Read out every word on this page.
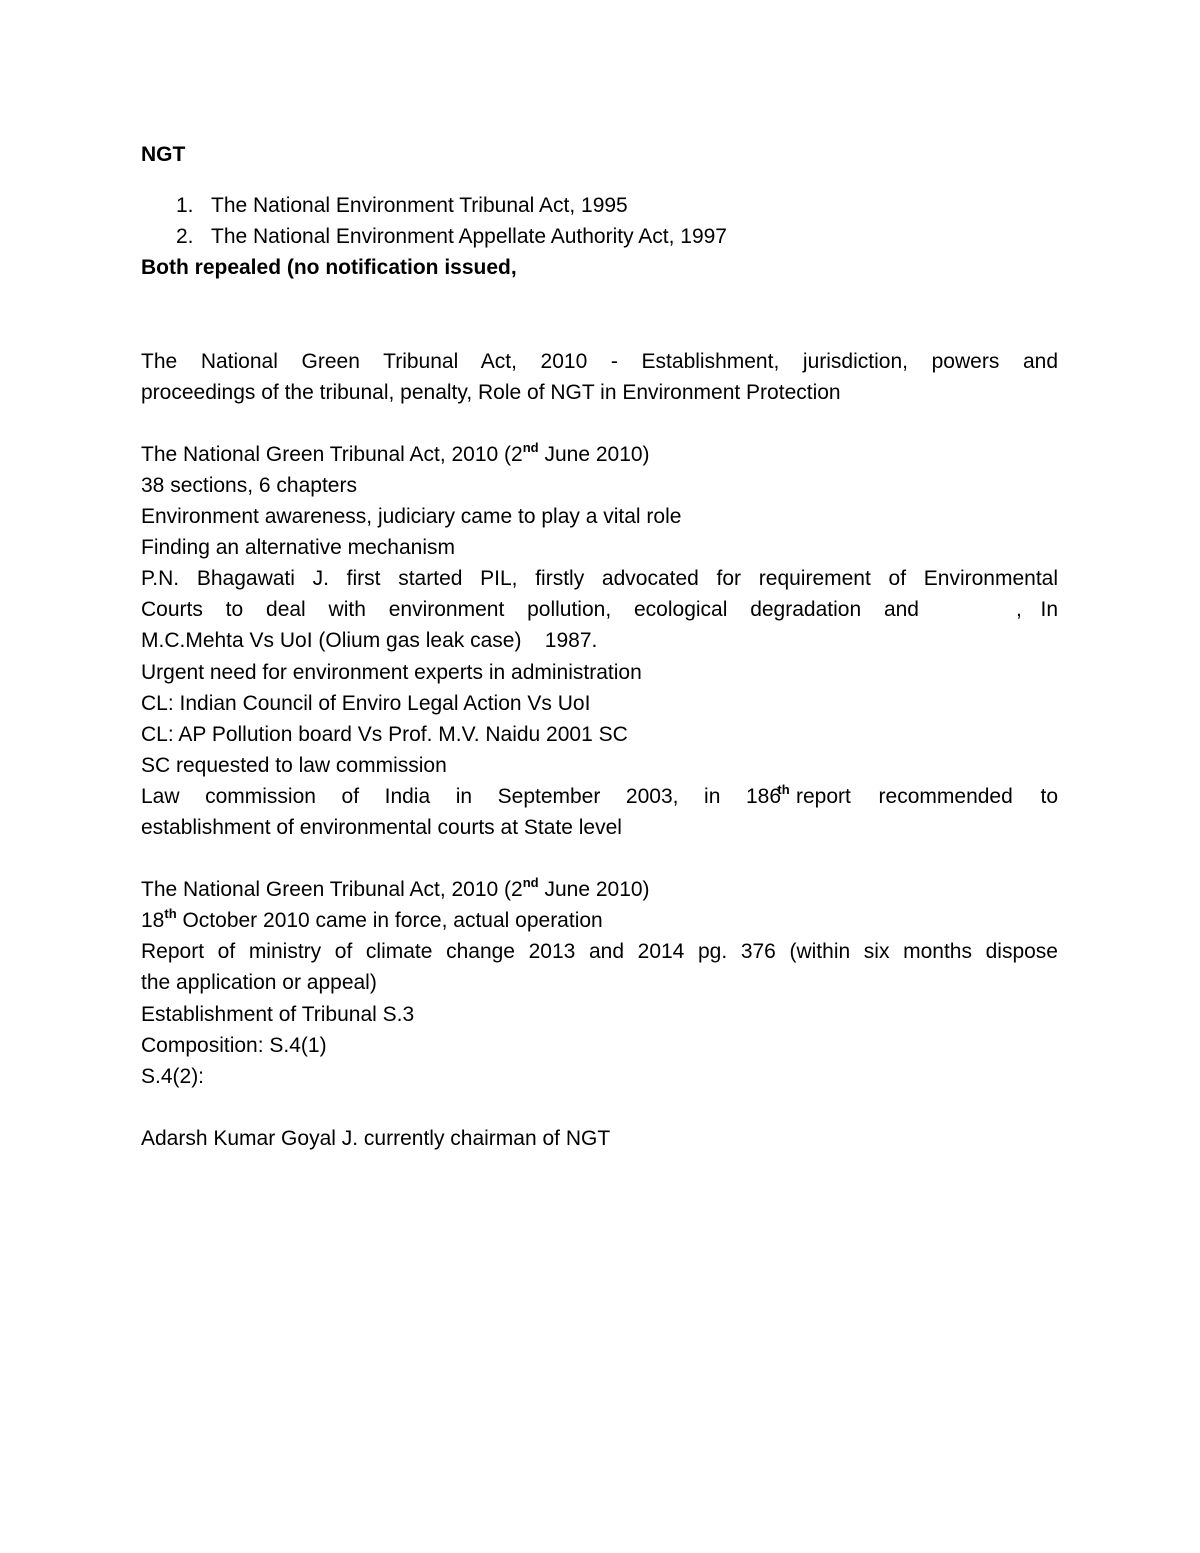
NGT
1. The National Environment Tribunal Act, 1995
2. The National Environment Appellate Authority Act, 1997
Both repealed (no notification issued,
The National Green Tribunal Act, 2010 - Establishment, jurisdiction, powers and
proceedings of the tribunal, penalty, Role of NGT in Environment Protection
The National Green Tribunal Act, 2010 (2nd June 2010)
38 sections, 6 chapters
Environment awareness, judiciary came to play a vital role
Finding an alternative mechanism
P.N. Bhagawati J. first started PIL, firstly advocated for requirement of Environmental
Courts to deal with environment pollution, ecological degradation and	, In
M.C.Mehta Vs UoI (Olium gas leak case)    1987.
Urgent need for environment experts in administration
CL: Indian Council of Enviro Legal Action Vs UoI
CL: AP Pollution board Vs Prof. M.V. Naidu 2001 SC
SC requested to law commission
Law commission of India in September 2003, in 186
$^{th}$ report recommended to
establishment of environmental courts at State level
The National Green Tribunal Act, 2010 (2nd June 2010)
18th October 2010 came in force, actual operation
Report of ministry of climate change 2013 and 2014 pg. 376 (within six months dispose
the application or appeal)
Establishment of Tribunal S.3
Composition: S.4(1)
S.4(2):
Adarsh Kumar Goyal J. currently chairman of NGT
